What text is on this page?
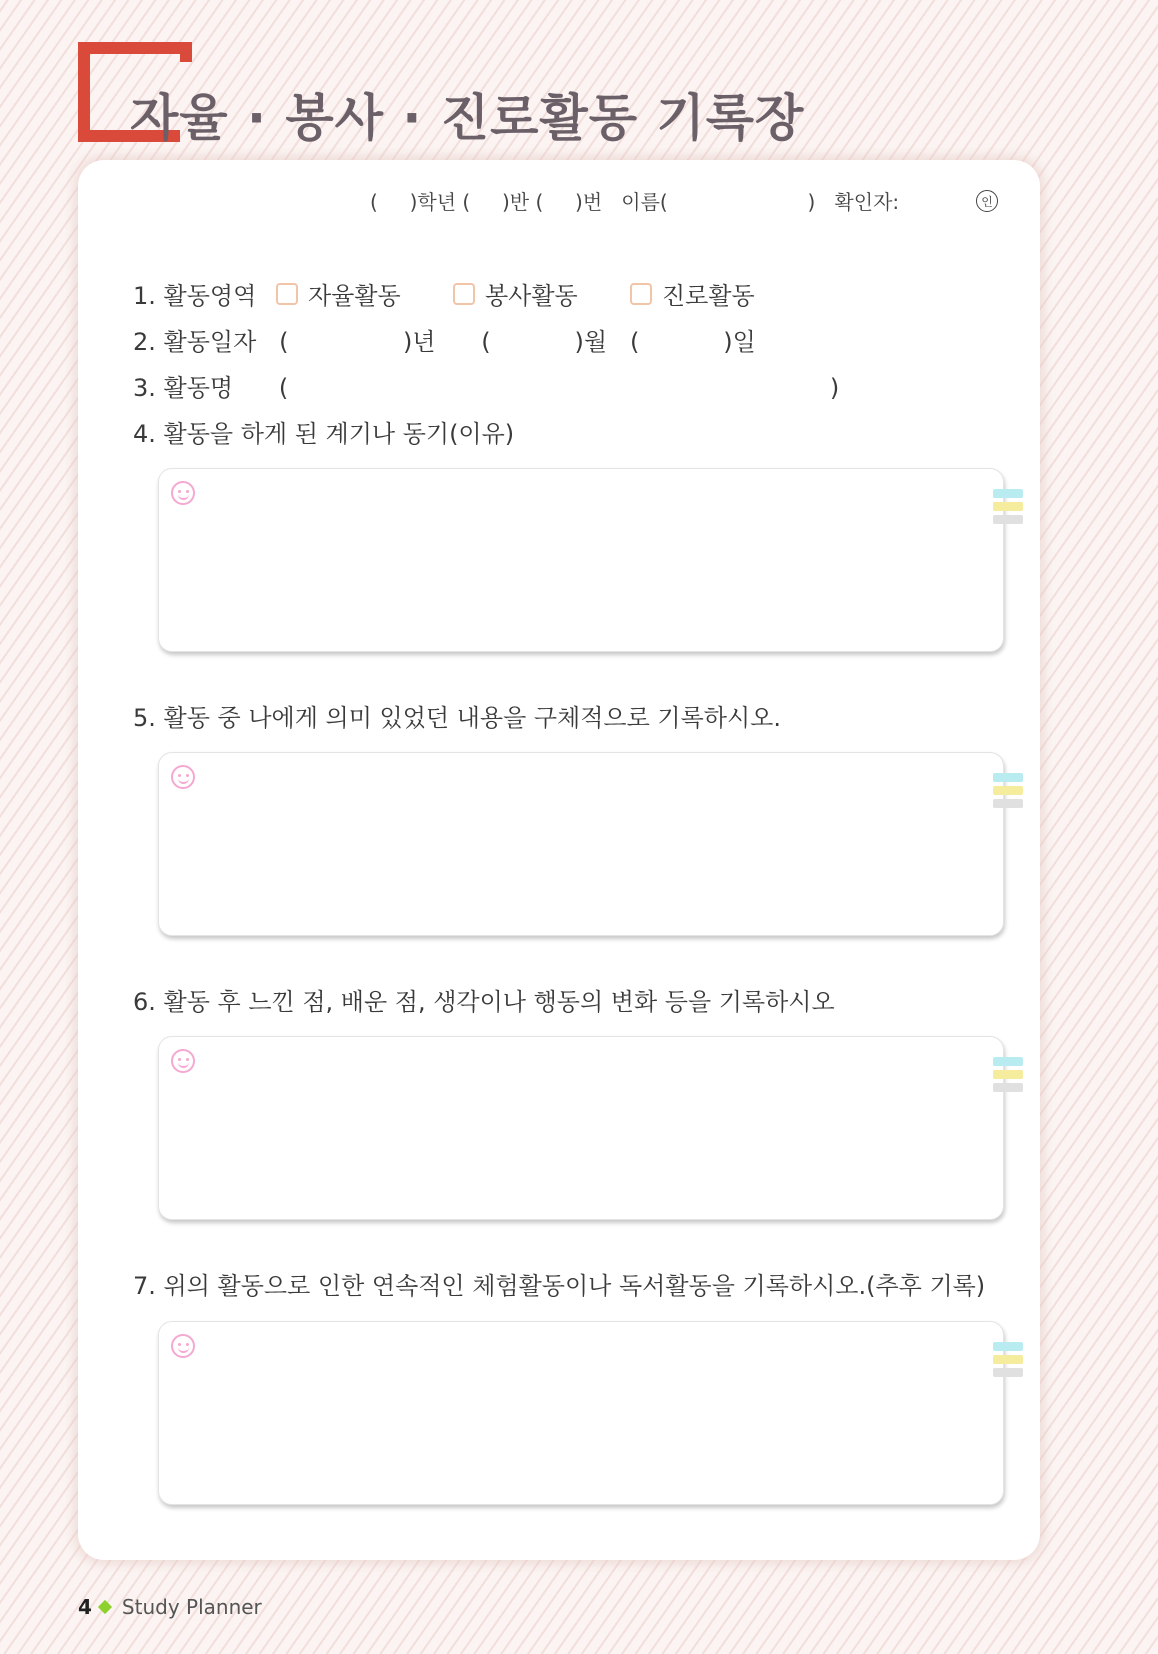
자율 · 봉사 · 진로활동 기록장
(     )학년 (     )반 (     )번   이름(                      )   확인자:	인
1. 활동영역 자율활동	봉사활동	진로활동
2. 활동일자   (               )년      (           )월   (           )일
3. 활동명      (                                                                       )
4. 활동을 하게 된 계기나 동기(이유)
5. 활동 중 나에게 의미 있었던 내용을 구체적으로 기록하시오.
6. 활동 후 느낀 점, 배운 점, 생각이나 행동의 변화 등을 기록하시오
7. 위의 활동으로 인한 연속적인 체험활동이나 독서활동을 기록하시오.(추후 기록)
4 Study Planner
